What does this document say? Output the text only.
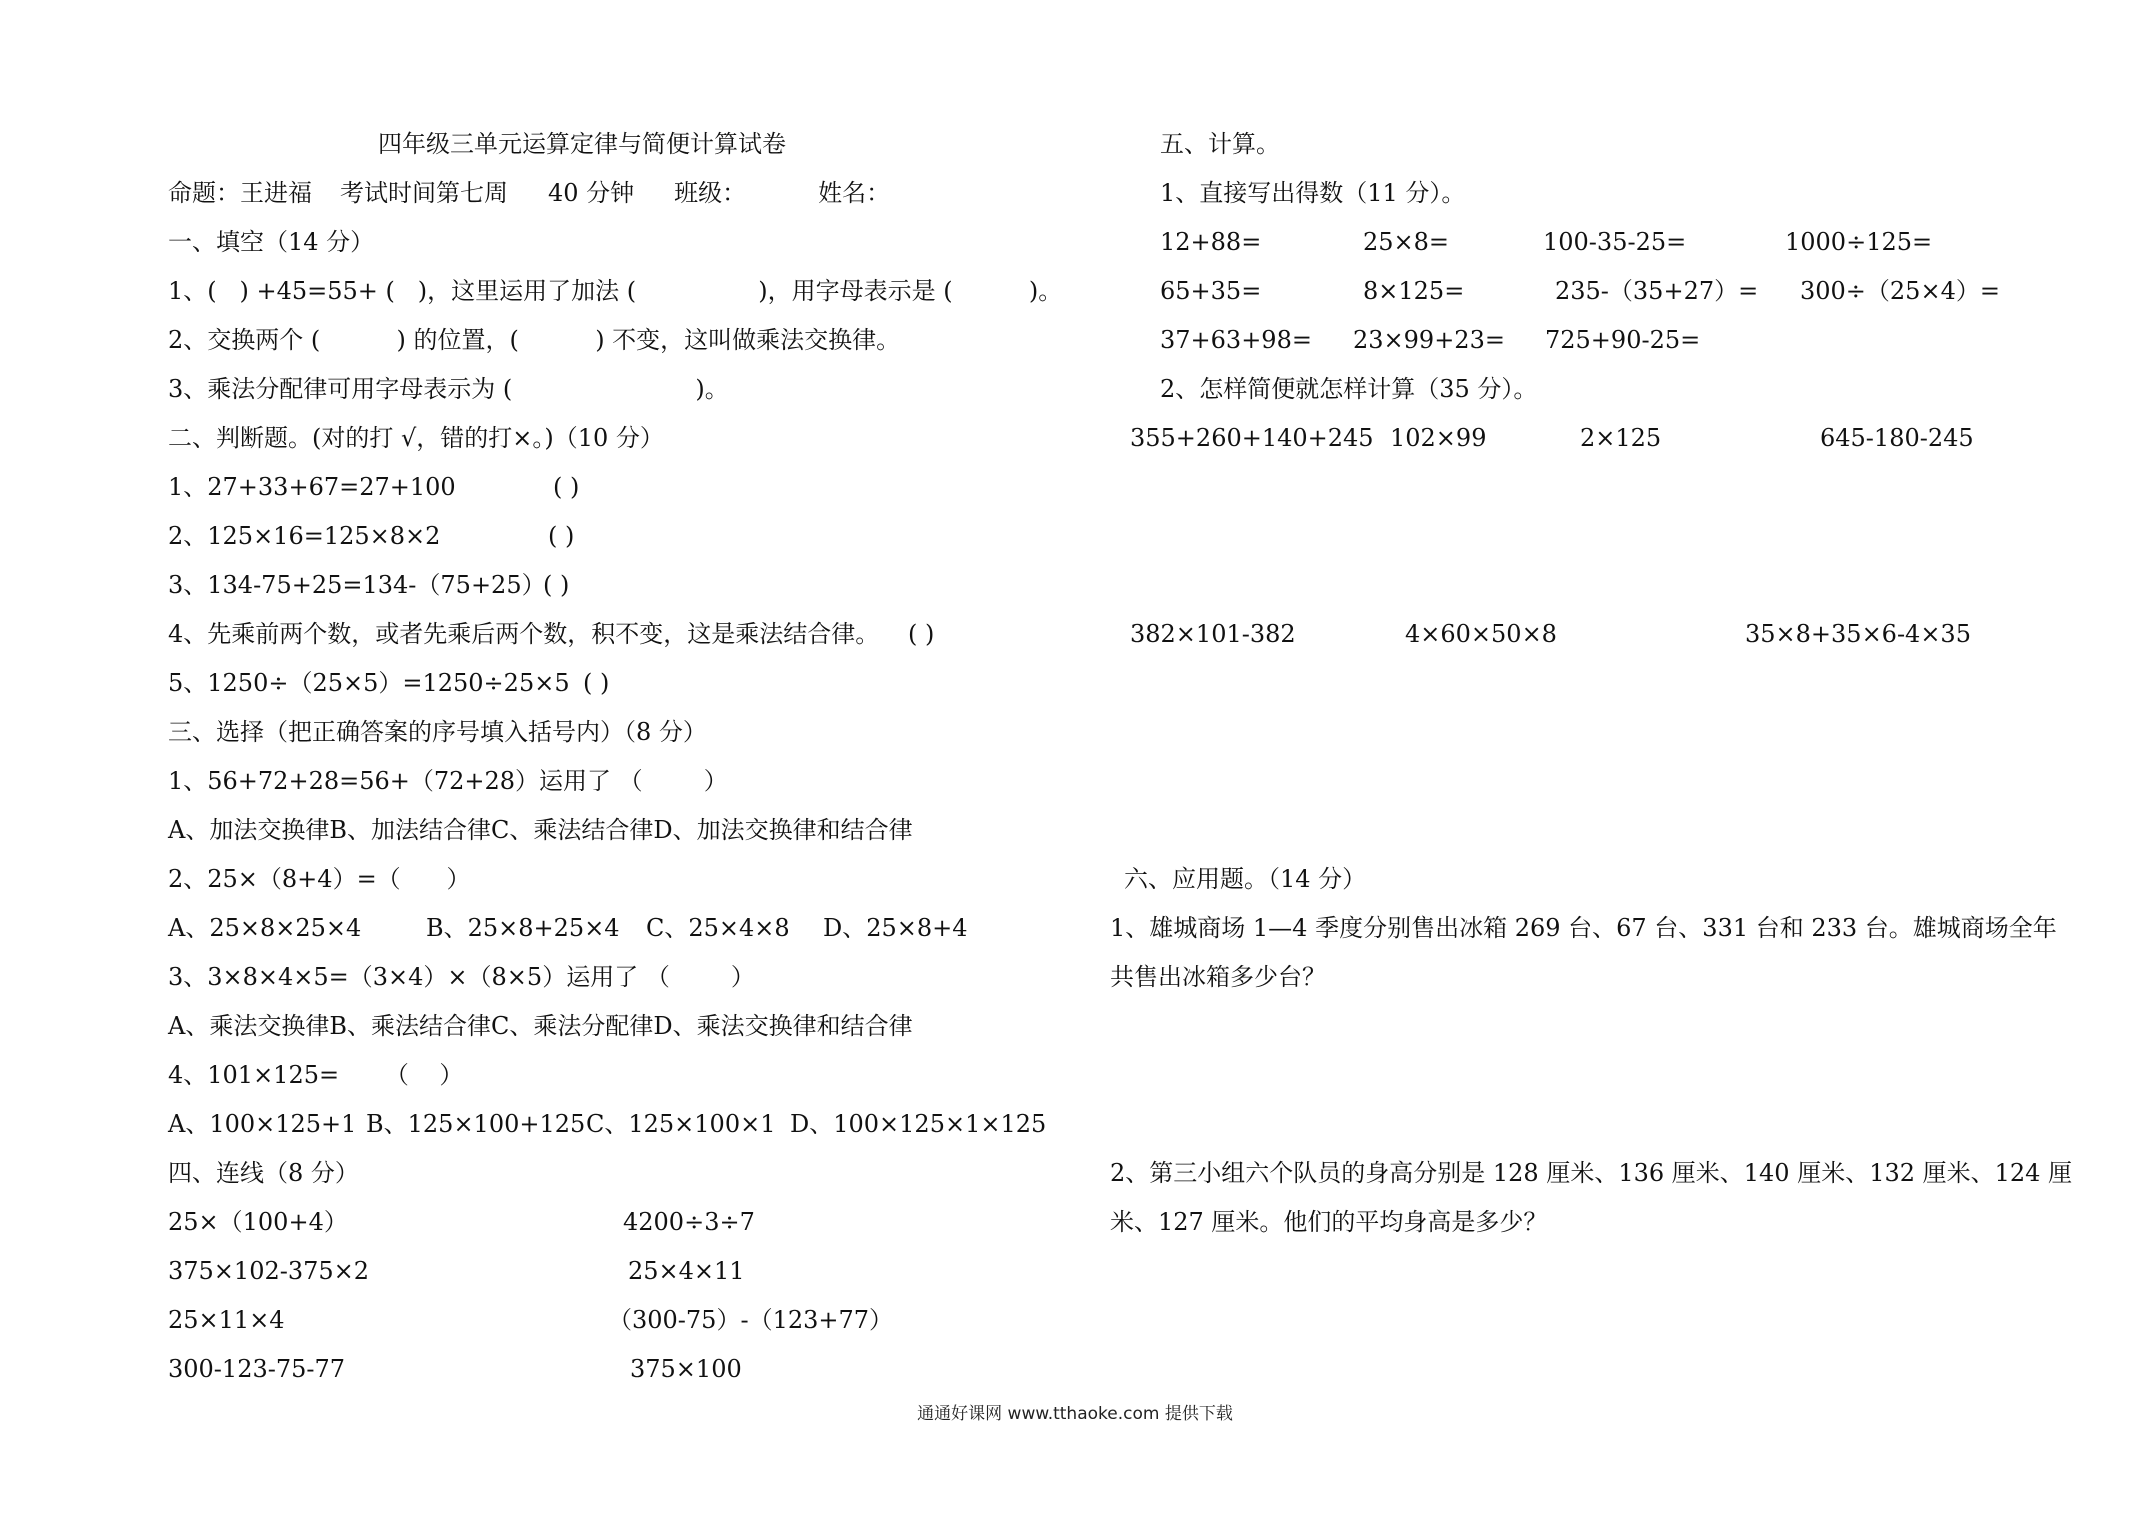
四年级三单元运算定律与简便计算试卷
命题：王进福 考试时间第七周 40 分钟 班级：	姓名：
一、填空（14 分）
1、(   ) +45=55+ (   )，这里运用了加法 (                )，用字母表示是 (          )。
2、交换两个 (          ) 的位置，(          ) 不变，这叫做乘法交换律。
3、乘法分配律可用字母表示为 (                        )。
二、判断题。(对的打 √，错的打×。)（10 分）
1、27+33+67=27+100	( )
2、125×16=125×8×2	( )
3、134-75+25=134-（75+25）
( )
4、先乘前两个数，或者先乘后两个数，积不变，这是乘法结合律。 ( )
5、1250÷（25×5）=1250÷25×5 ( )
三、选择（把正确答案的序号填入括号内）（8 分）
1、56+72+28=56+（72+28）运用了 （        ）
A、加法交换律B、加法结合律C、乘法结合律D、加法交换律和结合律
2、25×（8+4）=（      ）
A、25×8×25×4	B、25×8+25×4 C、25×4×8 D、25×8+4
3、3×8×4×5=（3×4）×（8×5）运用了 （        ）
A、乘法交换律B、乘法结合律C、乘法分配律D、乘法交换律和结合律
4、101×125=      （    ）
A、100×125+1 B、125×100+125 C、125×100×1 D、100×125×1×125
四、连线（8 分）
25×（100+4）	4200÷3÷7
375×102-375×2	25×4×11
25×11×4	（300-75）-（123+77）
300-123-75-77	375×100
五、计算。
1、直接写出得数（11 分）。
12+88=	25×8=	100-35-25=	1000÷125=
65+35=	8×125=	235-（35+27）= 300÷（25×4）=
37+63+98= 23×99+23= 725+90-25=
2、怎样简便就怎样计算（35 分）。
355+260+140+245 102×99	2×125	645-180-245
382×101-382	4×60×50×8	35×8+35×6-4×35
六、应用题。（14 分）
1、雄城商场 1—4 季度分别售出冰箱 269 台、67 台、331 台和 233 台。雄城商场全年
共售出冰箱多少台？
2、第三小组六个队员的身高分别是 128 厘米、136 厘米、140 厘米、132 厘米、124 厘
米、127 厘米。他们的平均身高是多少？
通通好课网 www.tthaoke.com 提供下载
